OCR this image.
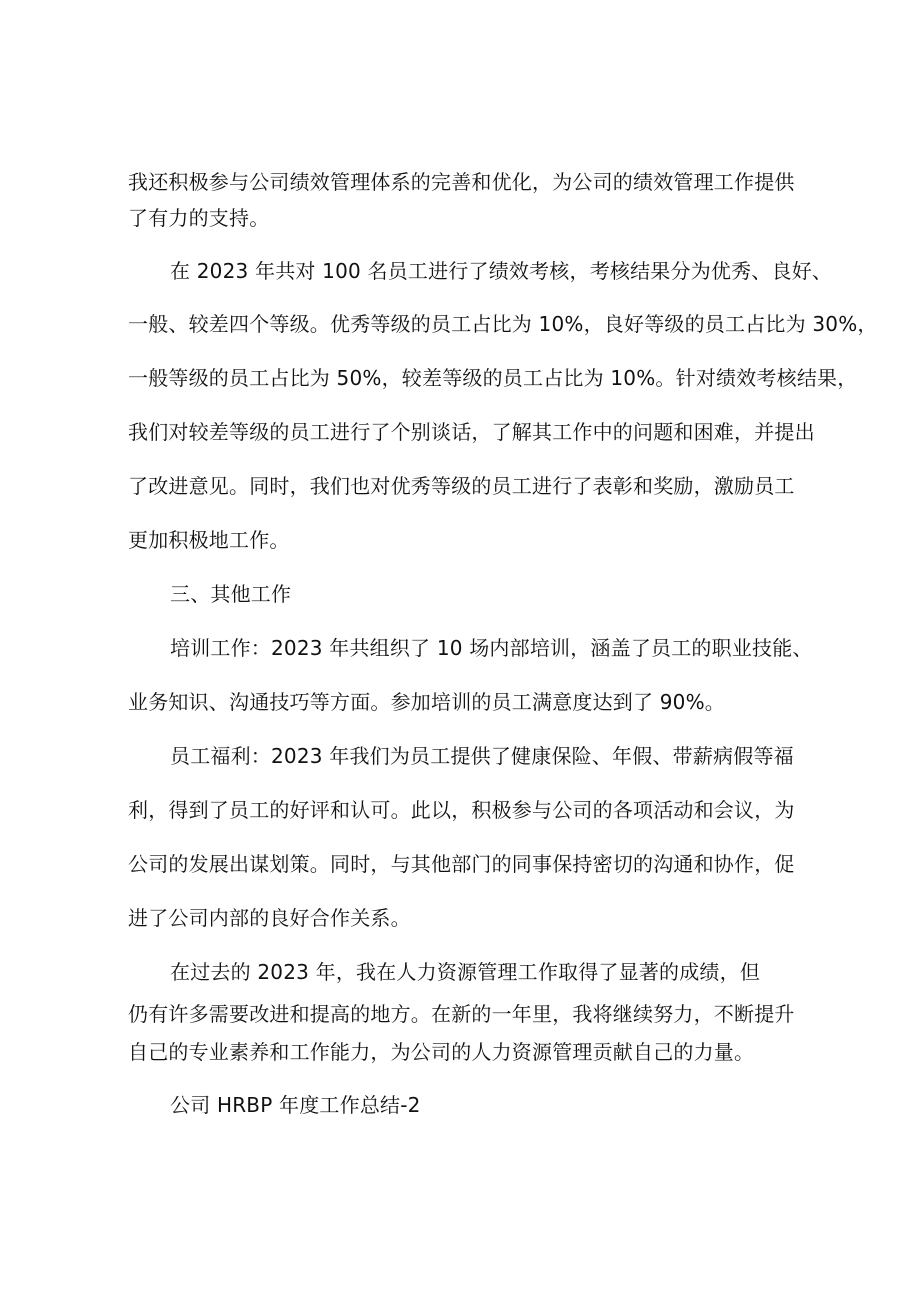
我还积极参与公司绩效管理体系的完善和优化，为公司的绩效管理工作提供

了有力的支持。

在 2023 年共对 100 名员工进行了绩效考核，考核结果分为优秀、良好、

一般、较差四个等级。优秀等级的员工占比为 10%，良好等级的员工占比为 30%，

一般等级的员工占比为 50%，较差等级的员工占比为 10%。针对绩效考核结果，

我们对较差等级的员工进行了个别谈话，了解其工作中的问题和困难，并提出

了改进意见。同时，我们也对优秀等级的员工进行了表彰和奖励，激励员工

更加积极地工作。

三、其他工作

培训工作：2023 年共组织了 10 场内部培训，涵盖了员工的职业技能、

业务知识、沟通技巧等方面。参加培训的员工满意度达到了 90%。

员工福利：2023 年我们为员工提供了健康保险、年假、带薪病假等福

利，得到了员工的好评和认可。此以，积极参与公司的各项活动和会议，为

公司的发展出谋划策。同时，与其他部门的同事保持密切的沟通和协作，促

进了公司内部的良好合作关系。

在过去的 2023 年，我在人力资源管理工作取得了显著的成绩，但

仍有许多需要改进和提高的地方。在新的一年里，我将继续努力，不断提升

自己的专业素养和工作能力，为公司的人力资源管理贡献自己的力量。

公司 HRBP 年度工作总结-2
